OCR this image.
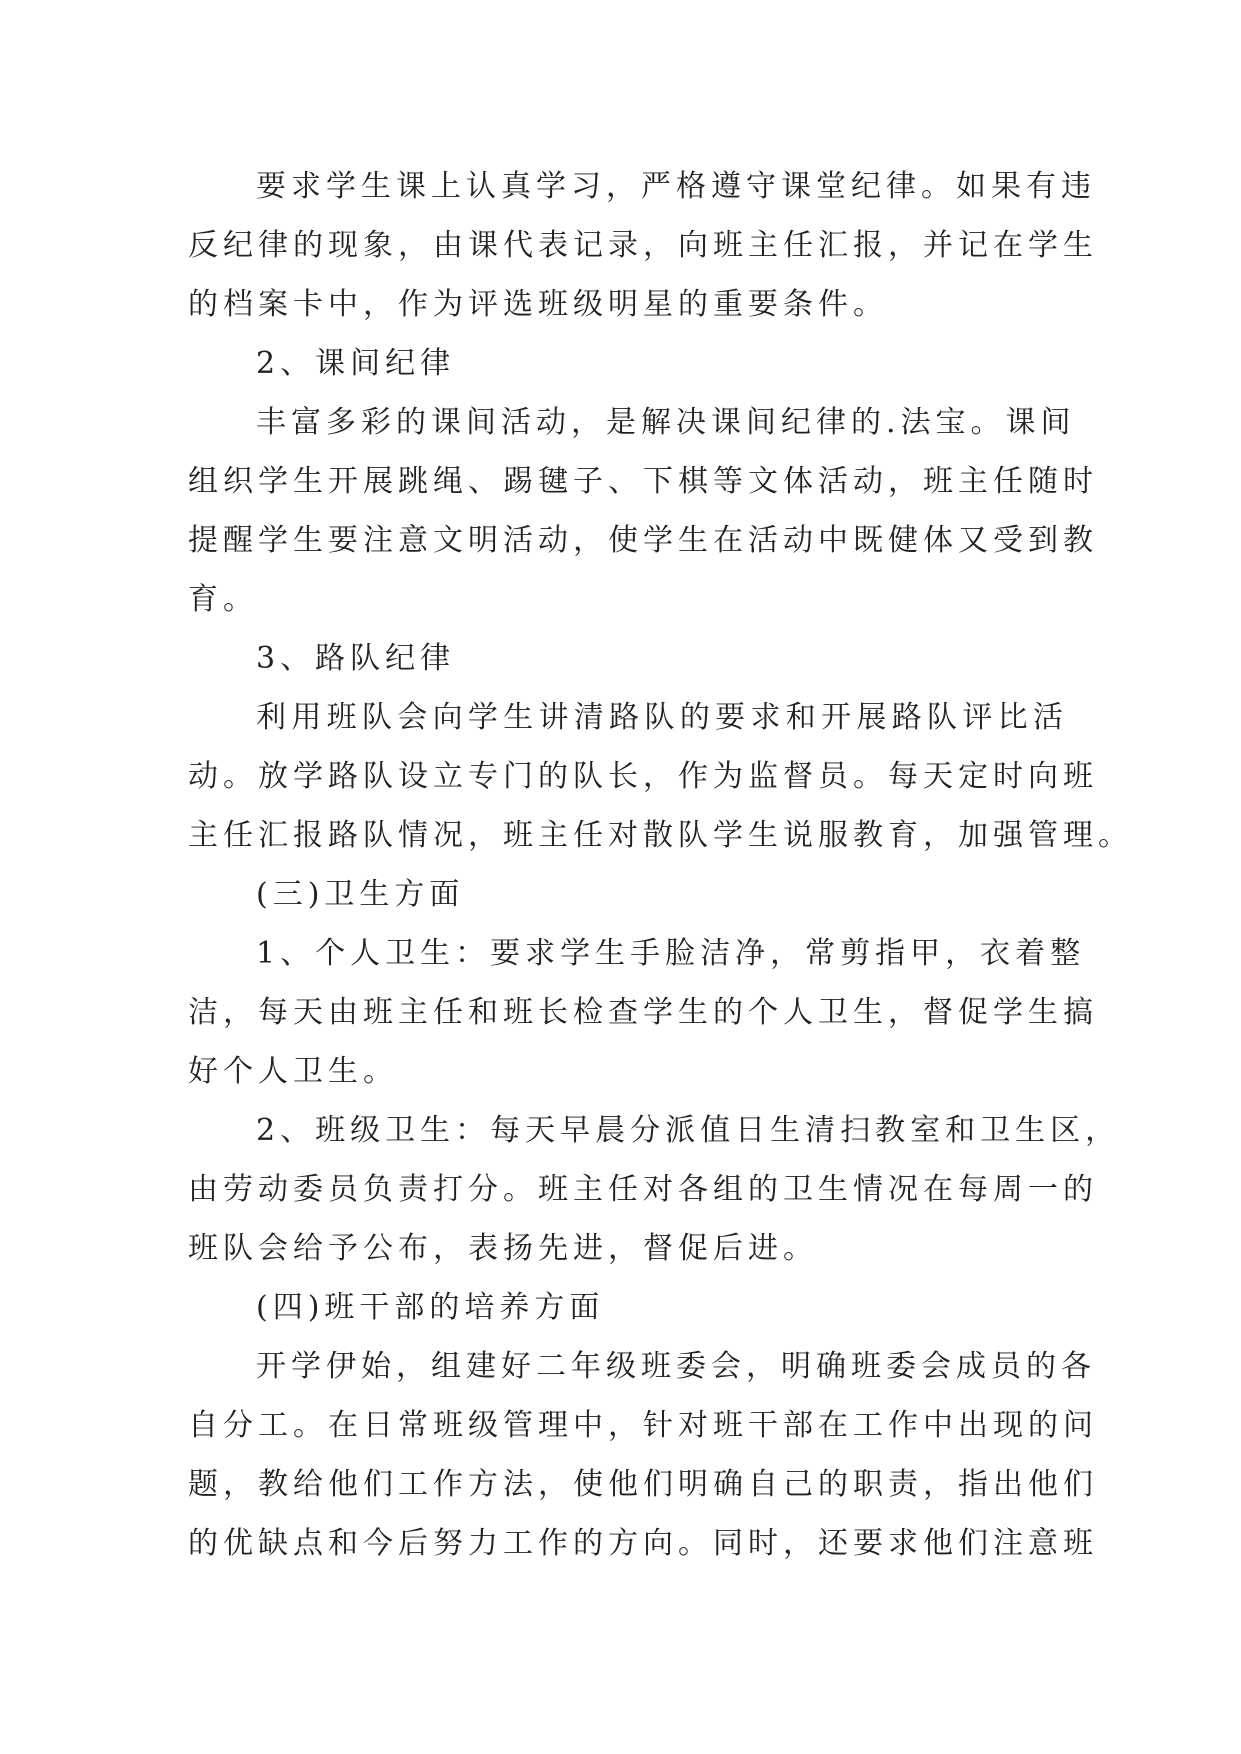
要求学生课上认真学习，严格遵守课堂纪律。如果有违

反纪律的现象，由课代表记录，向班主任汇报，并记在学生

的档案卡中，作为评选班级明星的重要条件。

2、课间纪律

丰富多彩的课间活动，是解决课间纪律的.法宝。课间

组织学生开展跳绳、踢毽子、下棋等文体活动，班主任随时

提醒学生要注意文明活动，使学生在活动中既健体又受到教

育。

3、路队纪律

利用班队会向学生讲清路队的要求和开展路队评比活

动。放学路队设立专门的队长，作为监督员。每天定时向班

主任汇报路队情况，班主任对散队学生说服教育，加强管理。

(三)卫生方面

1、个人卫生：要求学生手脸洁净，常剪指甲，衣着整

洁，每天由班主任和班长检查学生的个人卫生，督促学生搞

好个人卫生。

2、班级卫生：每天早晨分派值日生清扫教室和卫生区，

由劳动委员负责打分。班主任对各组的卫生情况在每周一的

班队会给予公布，表扬先进，督促后进。

(四)班干部的培养方面

开学伊始，组建好二年级班委会，明确班委会成员的各

自分工。在日常班级管理中，针对班干部在工作中出现的问

题，教给他们工作方法，使他们明确自己的职责，指出他们

的优缺点和今后努力工作的方向。同时，还要求他们注意班
